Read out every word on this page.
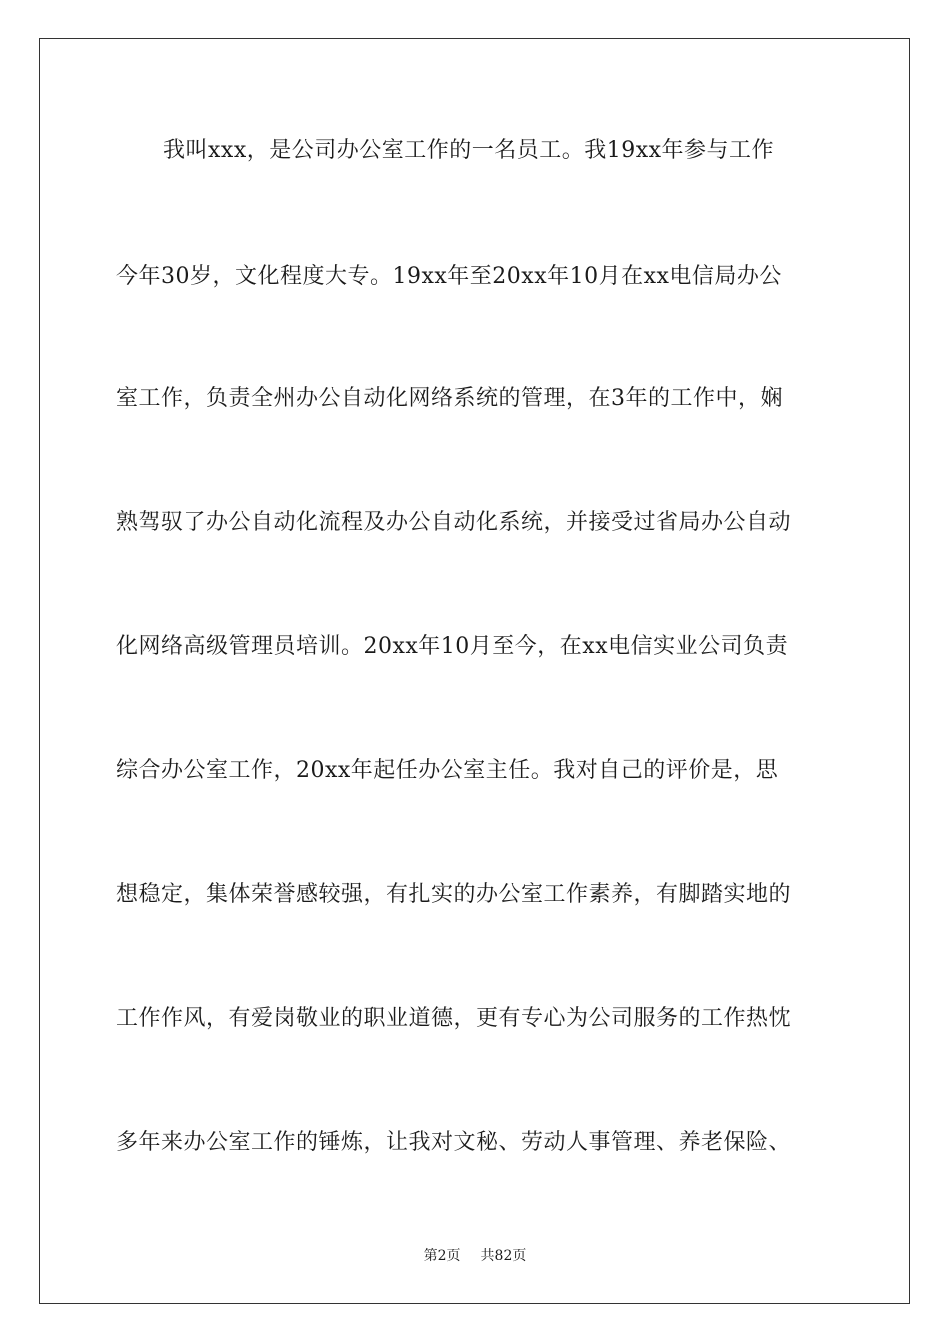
我叫xxx，是公司办公室工作的一名员工。我19xx年参与工作
今年30岁，文化程度大专。19xx年至20xx年10月在xx电信局办公
室工作，负责全州办公自动化网络系统的管理，在3年的工作中，娴
熟驾驭了办公自动化流程及办公自动化系统，并接受过省局办公自动
化网络高级管理员培训。20xx年10月至今，在xx电信实业公司负责
综合办公室工作，20xx年起任办公室主任。我对自己的评价是，思
想稳定，集体荣誉感较强，有扎实的办公室工作素养，有脚踏实地的
工作作风，有爱岗敬业的职业道德，更有专心为公司服务的工作热忱
多年来办公室工作的锤炼，让我对文秘、劳动人事管理、养老保险、
第2页 共82页
